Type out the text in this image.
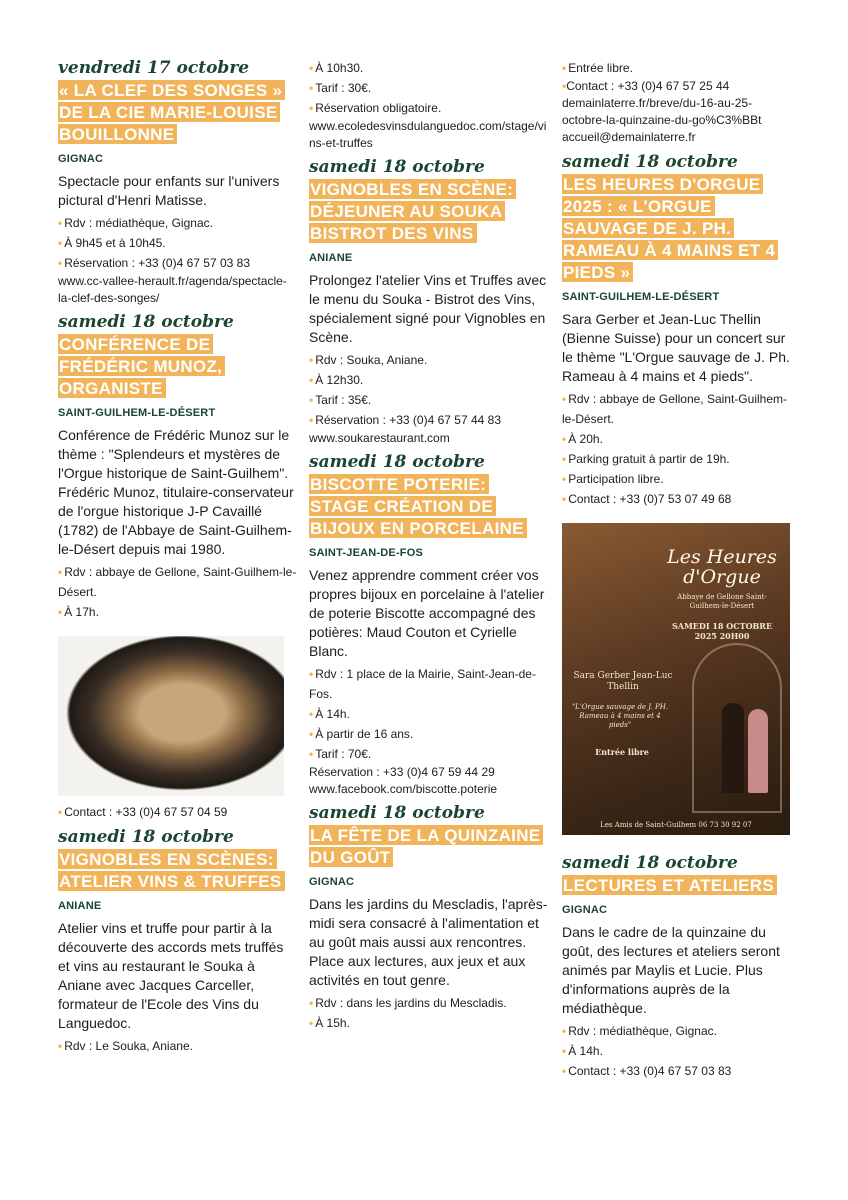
vendredi 17 octobre
« LA CLEF DES SONGES » DE LA CIE MARIE-LOUISE BOUILLONNE
GIGNAC
Spectacle pour enfants sur l'univers pictural d'Henri Matisse.
• Rdv : médiathèque, Gignac.
• À 9h45 et à 10h45.
• Réservation : +33 (0)4 67 57 03 83
www.cc-vallee-herault.fr/agenda/spectacle-la-clef-des-songes/
samedi 18 octobre
CONFÉRENCE DE FRÉDÉRIC MUNOZ, ORGANISTE
SAINT-GUILHEM-LE-DÉSERT
Conférence de Frédéric Munoz sur le thème : "Splendeurs et mystères de l'Orgue historique de Saint-Guilhem". Frédéric Munoz, titulaire-conservateur de l'orgue historique J-P Cavaillé (1782) de l'Abbaye de Saint-Guilhem-le-Désert depuis mai 1980.
• Rdv : abbaye de Gellone, Saint-Guilhem-le-Désert.
• À 17h.
• Contact : +33 (0)4 67 57 04 59
samedi 18 octobre
VIGNOBLES EN SCÈNES: ATELIER VINS & TRUFFES
ANIANE
Atelier vins et truffe pour partir à la découverte des accords mets truffés et vins au restaurant le Souka à Aniane avec Jacques Carceller, formateur de l'Ecole des Vins du Languedoc.
• Rdv : Le Souka, Aniane.
• À 10h30.
• Tarif : 30€.
• Réservation obligatoire.
www.ecoledesvinsdulanguedoc.com/stage/vins-et-truffes
samedi 18 octobre
VIGNOBLES EN SCÈNE: DÉJEUNER AU SOUKA BISTROT DES VINS
ANIANE
Prolongez l'atelier Vins et Truffes avec le menu du Souka - Bistrot des Vins, spécialement signé pour Vignobles en Scène.
• Rdv : Souka, Aniane.
• À 12h30.
• Tarif : 35€.
• Réservation : +33 (0)4 67 57 44 83
www.soukarestaurant.com
samedi 18 octobre
BISCOTTE POTERIE: STAGE CRÉATION DE BIJOUX EN PORCELAINE
SAINT-JEAN-DE-FOS
Venez apprendre comment créer vos propres bijoux en porcelaine à l'atelier de poterie Biscotte accompagné des potières: Maud Couton et Cyrielle Blanc.
• Rdv : 1 place de la Mairie, Saint-Jean-de-Fos.
• À 14h.
• À partir de 16 ans.
• Tarif : 70€.
Réservation : +33 (0)4 67 59 44 29 www.facebook.com/biscotte.poterie
samedi 18 octobre
LA FÊTE DE LA QUINZAINE DU GOÛT
GIGNAC
Dans les jardins du Mescladis, l'après-midi sera consacré à l'alimentation et au goût mais aussi aux rencontres. Place aux lectures, aux jeux et aux activités en tout genre.
• Rdv : dans les jardins du Mescladis.
• À 15h.
• Entrée libre.
•Contact : +33 (0)4 67 57 25 44 demainlaterre.fr/breve/du-16-au-25-octobre-la-quinzaine-du-go%C3%BBt accueil@demainlaterre.fr
samedi 18 octobre
LES HEURES D'ORGUE 2025 : « L'ORGUE SAUVAGE DE J. PH. RAMEAU À 4 MAINS ET 4 PIEDS »
SAINT-GUILHEM-LE-DÉSERT
Sara Gerber et Jean-Luc Thellin (Bienne Suisse) pour un concert sur le thème "L'Orgue sauvage de J. Ph. Rameau à 4 mains et 4 pieds".
• Rdv : abbaye de Gellone, Saint-Guilhem-le-Désert.
• À 20h.
• Parking gratuit à partir de 19h.
• Participation libre.
• Contact : +33 (0)7 53 07 49 68
Les Heures d'Orgue
Abbaye de Gellone Saint-Guilhem-le-Désert
SAMEDI 18 OCTOBRE 2025 20H00
Sara Gerber Jean-Luc Thellin
"L'Orgue sauvage de J. PH. Rameau à 4 mains et 4 pieds"
Entrée libre
Les Amis de Saint-Guilhem 06 73 30 92 07
samedi 18 octobre
LECTURES ET ATELIERS
GIGNAC
Dans le cadre de la quinzaine du goût, des lectures et ateliers seront animés par Maylis et Lucie. Plus d'informations auprès de la médiathèque.
• Rdv : médiathèque, Gignac.
• À 14h.
• Contact : +33 (0)4 67 57 03 83
